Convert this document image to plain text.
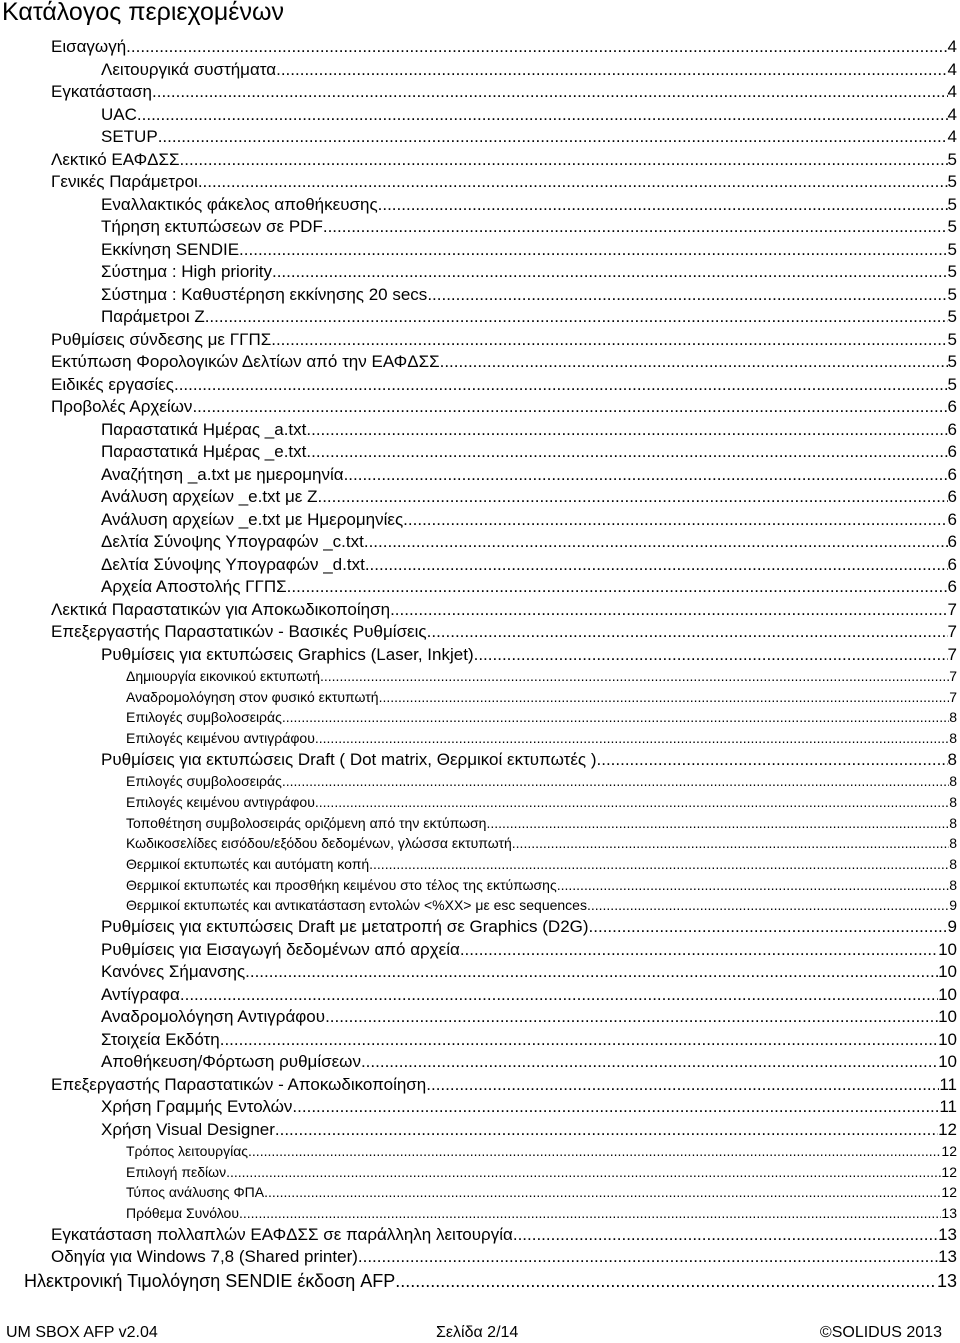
Κατάλογος περιεχομένων
Εισαγωγή .....	4
Λειτουργικά συστήματα .....	4
Εγκατάσταση .....	4
UAC .....	4
SETUP .....	4
Λεκτικό ΕΑΦΔΣΣ .....	5
Γενικές Παράμετροι .....	5
Εναλλακτικός φάκελος αποθήκευσης .....	5
Τήρηση εκτυπώσεων σε PDF .....	5
Εκκίνηση SENDIE .....	5
Σύστημα : High priority .....	5
Σύστημα : Καθυστέρηση εκκίνησης 20 secs .....	5
Παράμετροι Ζ .....	5
Ρυθμίσεις σύνδεσης με ΓΓΠΣ .....	5
Εκτύπωση Φορολογικών Δελτίων από την ΕΑΦΔΣΣ .....	5
Ειδικές εργασίες .....	5
Προβολές Αρχείων .....	6
Παραστατικά Ημέρας _a.txt .....	6
Παραστατικά Ημέρας _e.txt .....	6
Αναζήτηση _a.txt με ημερομηνία .....	6
Ανάλυση αρχείων _e.txt με Ζ .....	6
Ανάλυση αρχείων _e.txt με Ημερομηνίες .....	6
Δελτία Σύνοψης Υπογραφών _c.txt .....	6
Δελτία Σύνοψης Υπογραφών _d.txt .....	6
Αρχεία Αποστολής ΓΓΠΣ .....	6
Λεκτικά Παραστατικών για Αποκωδικοποίηση .....	7
Επεξεργαστής Παραστατικών - Βασικές Ρυθμίσεις .....	7
Ρυθμίσεις για εκτυπώσεις Graphics (Laser, Inkjet) .....	7
Δημιουργία εικονικού εκτυπωτή .....	7
Αναδρομολόγηση στον φυσικό εκτυπωτή .....	7
Επιλογές συμβολοσειράς .....	8
Επιλογές κειμένου αντιγράφου .....	8
Ρυθμίσεις για εκτυπώσεις Draft ( Dot matrix, Θερμικοί εκτυπωτές ) .....	8
Επιλογές συμβολοσειράς .....	8
Επιλογές κειμένου αντιγράφου .....	8
Τοποθέτηση συμβολοσειράς οριζόμενη από την εκτύπωση .....	8
Κωδικοσελίδες εισόδου/εξόδου δεδομένων, γλώσσα εκτυπωτή .....	8
Θερμικοί εκτυπωτές και αυτόματη κοπή .....	8
Θερμικοί εκτυπωτές και προσθήκη κειμένου στο τέλος της εκτύπωσης .....	8
Θερμικοί εκτυπωτές και αντικατάσταση εντολών <%XX> με esc sequences .....	9
Ρυθμίσεις για εκτυπώσεις Draft με μετατροπή σε Graphics (D2G) .....	9
Ρυθμίσεις για Εισαγωγή δεδομένων από αρχεία .....	10
Κανόνες Σήμανσης .....	10
Αντίγραφα .....	10
Αναδρομολόγηση Αντιγράφου .....	10
Στοιχεία Εκδότη .....	10
Αποθήκευση/Φόρτωση ρυθμίσεων .....	10
Επεξεργαστής Παραστατικών - Αποκωδικοποίηση .....	11
Χρήση Γραμμής Εντολών .....	11
Χρήση Visual Designer .....	12
Τρόπος λειτουργίας .....	12
Επιλογή πεδίων .....	12
Τύπος ανάλυσης ΦΠΑ .....	12
Πρόθεμα Συνόλου .....	13
Εγκατάσταση πολλαπλών ΕΑΦΔΣΣ σε παράλληλη λειτουργία .....	13
Οδηγία για Windows 7,8 (Shared printer) .....	13
Ηλεκτρονική Τιμολόγηση SENDIE έκδοση AFP .....	13
UM SBOX AFP v2.04	Σελίδα 2/14	©SOLIDUS 2013
